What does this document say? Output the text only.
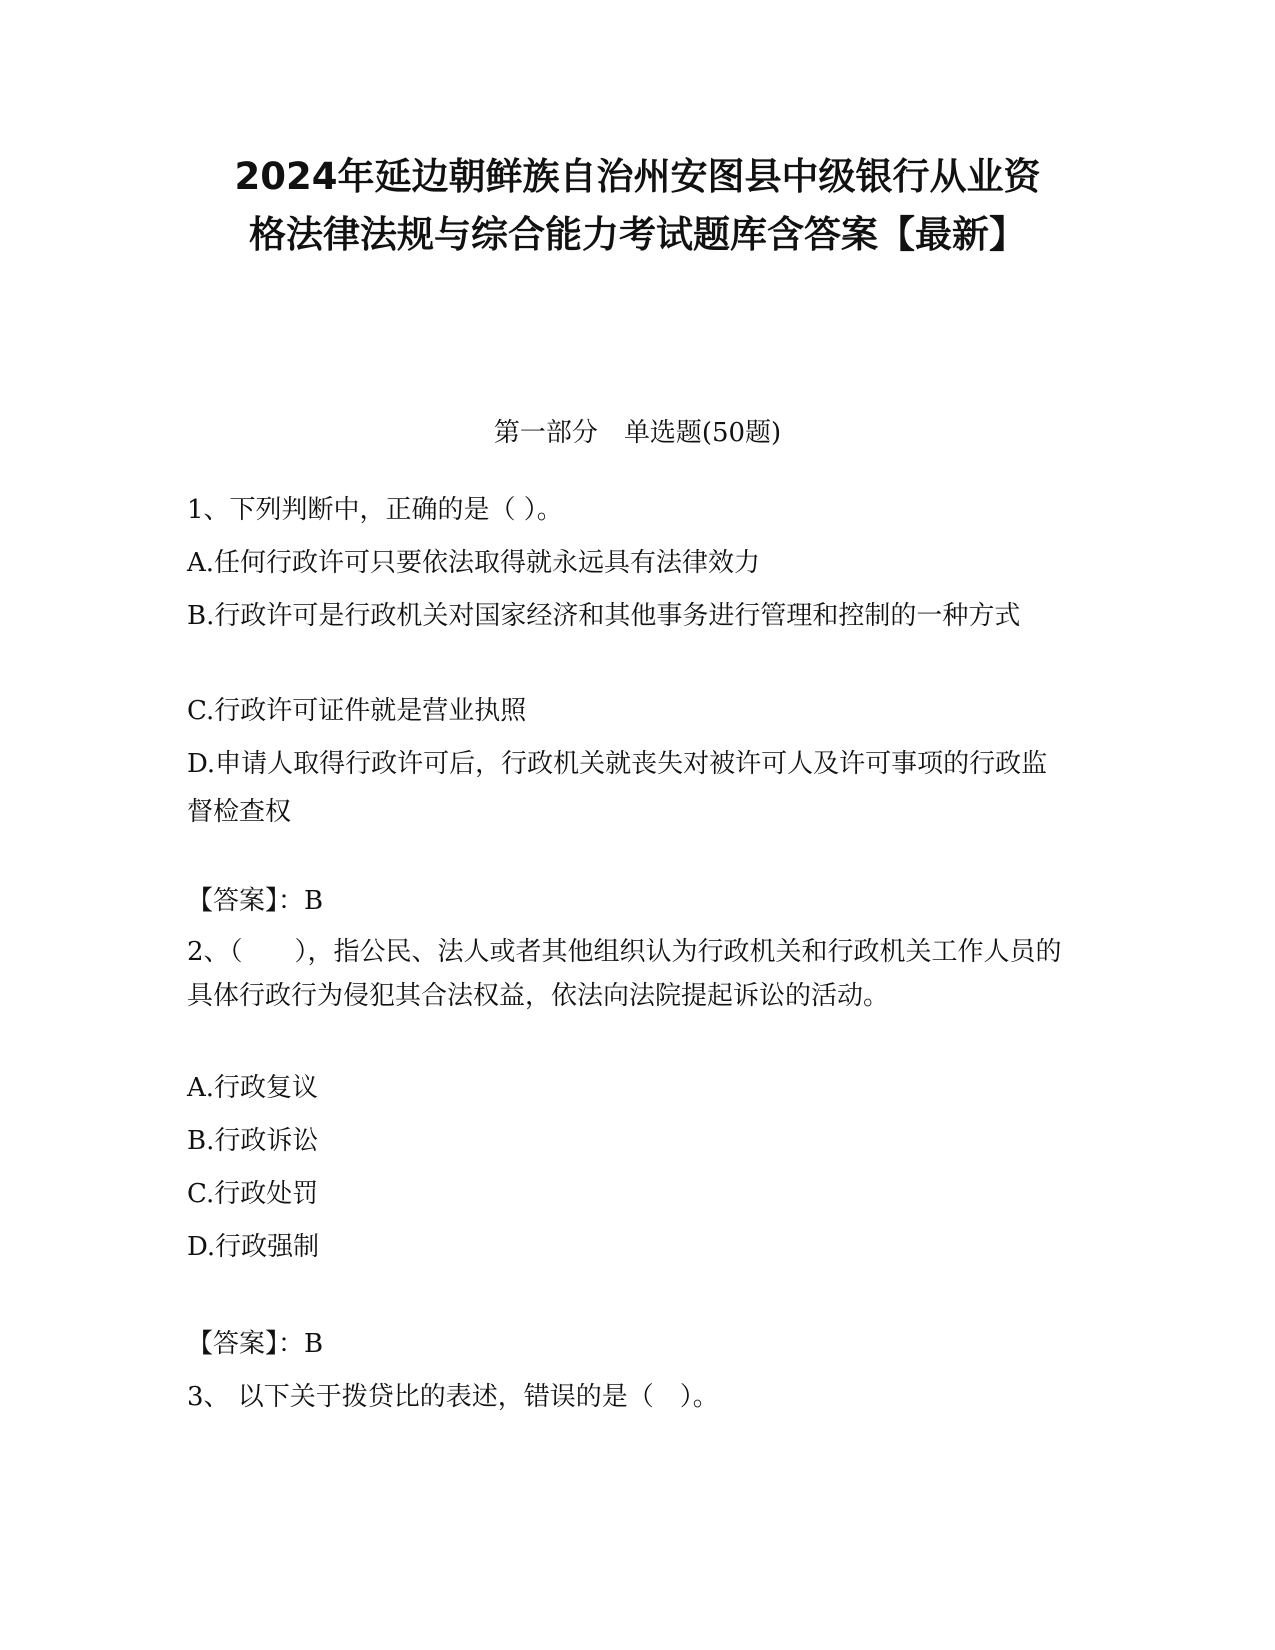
2024年延边朝鲜族自治州安图县中级银行从业资
格法律法规与综合能力考试题库含答案【最新】

第一部分　单选题(50题)

1、下列判断中，正确的是（ ）。

A.任何行政许可只要依法取得就永远具有法律效力

B.行政许可是行政机关对国家经济和其他事务进行管理和控制的一种方式

C.行政许可证件就是营业执照

D.申请人取得行政许可后，行政机关就丧失对被许可人及许可事项的行政监督检查权

【答案】：B

2、（　　），指公民、法人或者其他组织认为行政机关和行政机关工作人员的具体行政行为侵犯其合法权益，依法向法院提起诉讼的活动。

A.行政复议

B.行政诉讼

C.行政处罚

D.行政强制

【答案】：B

3、 以下关于拨贷比的表述，错误的是（　）。
